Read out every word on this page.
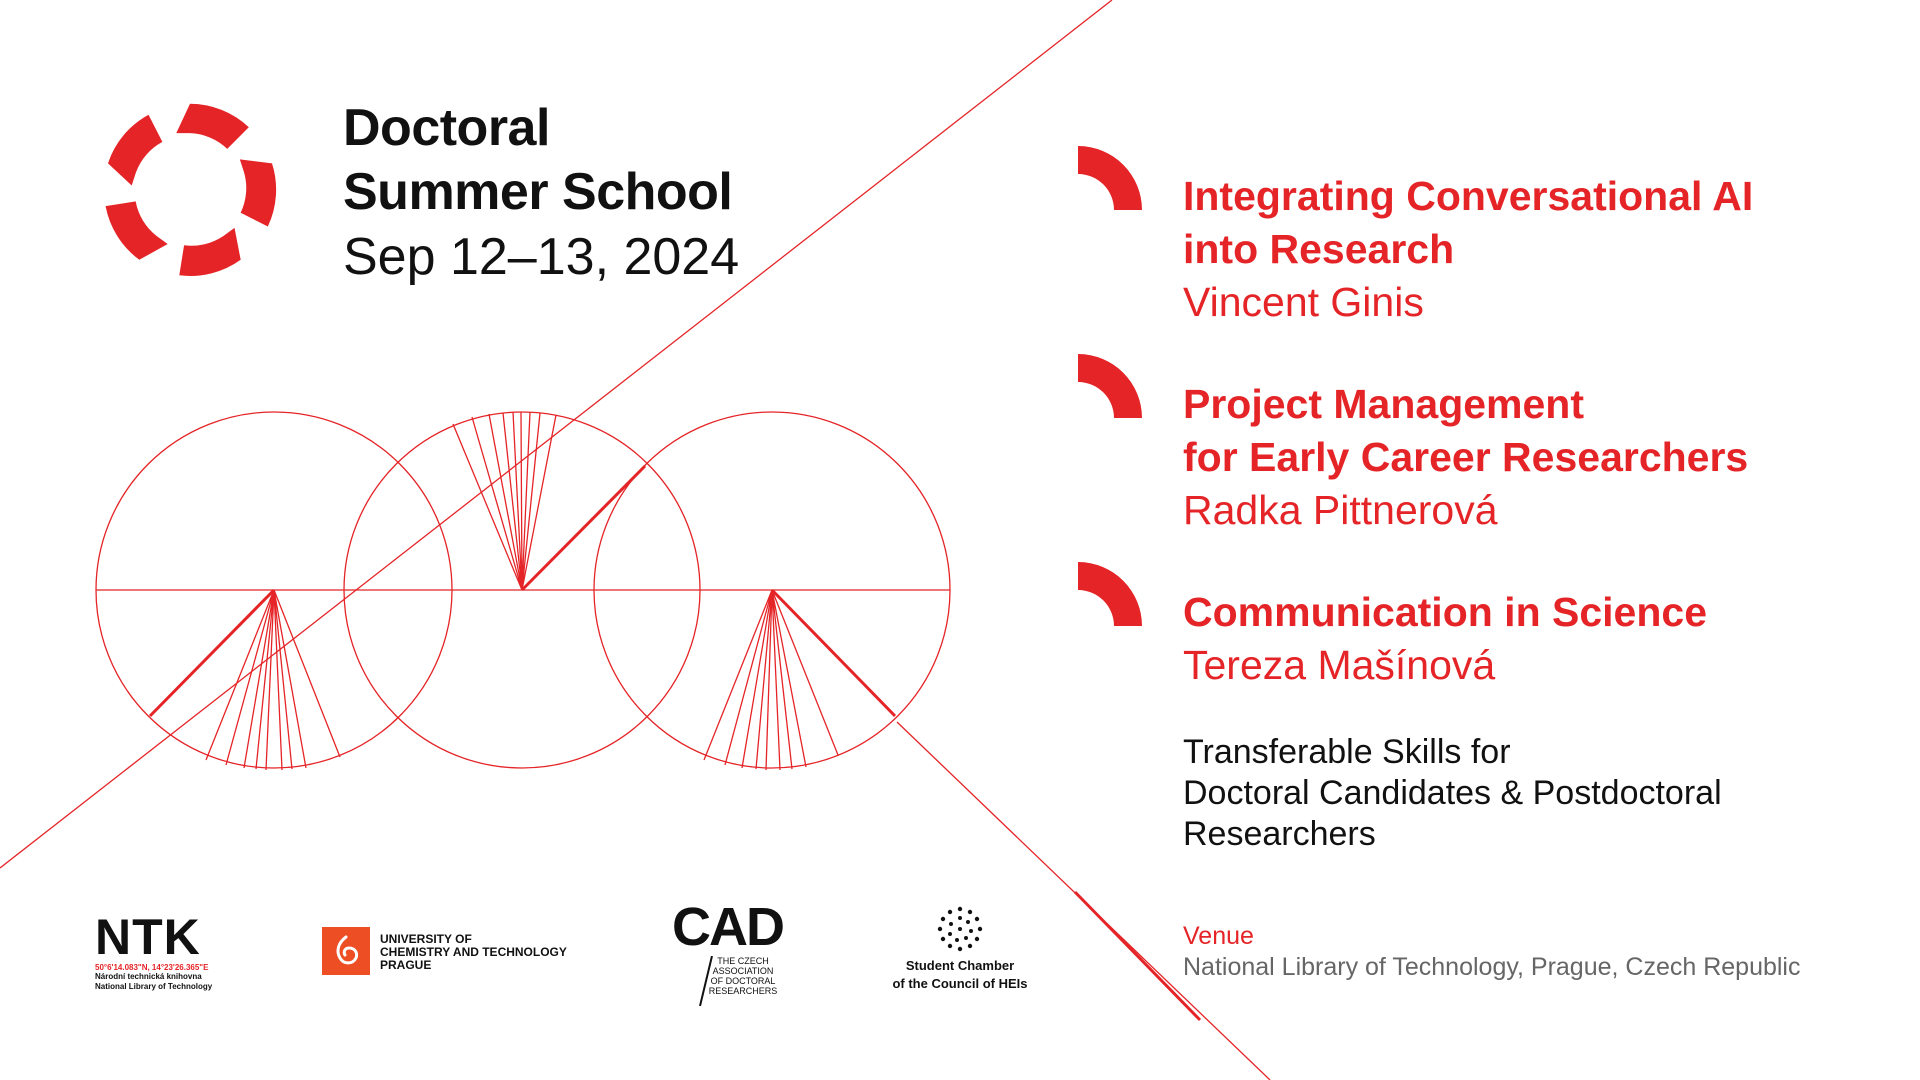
Doctoral
Summer School
Sep 12–13, 2024
Integrating Conversational AI
into Research
Vincent Ginis
Project Management
for Early Career Researchers
Radka Pittnerová
Communication in Science
Tereza Mašínová
Transferable Skills for
Doctoral Candidates & Postdoctoral
Researchers
Venue
National Library of Technology, Prague, Czech Republic
NTK
50°6'14.083"N, 14°23'26.365"E
Národní technická knihovna
National Library of Technology
UNIVERSITY OF
CHEMISTRY AND TECHNOLOGY
PRAGUE
CAD
THE CZECH
ASSOCIATION
OF DOCTORAL
RESEARCHERS
Student Chamber
of the Council of HEIs
